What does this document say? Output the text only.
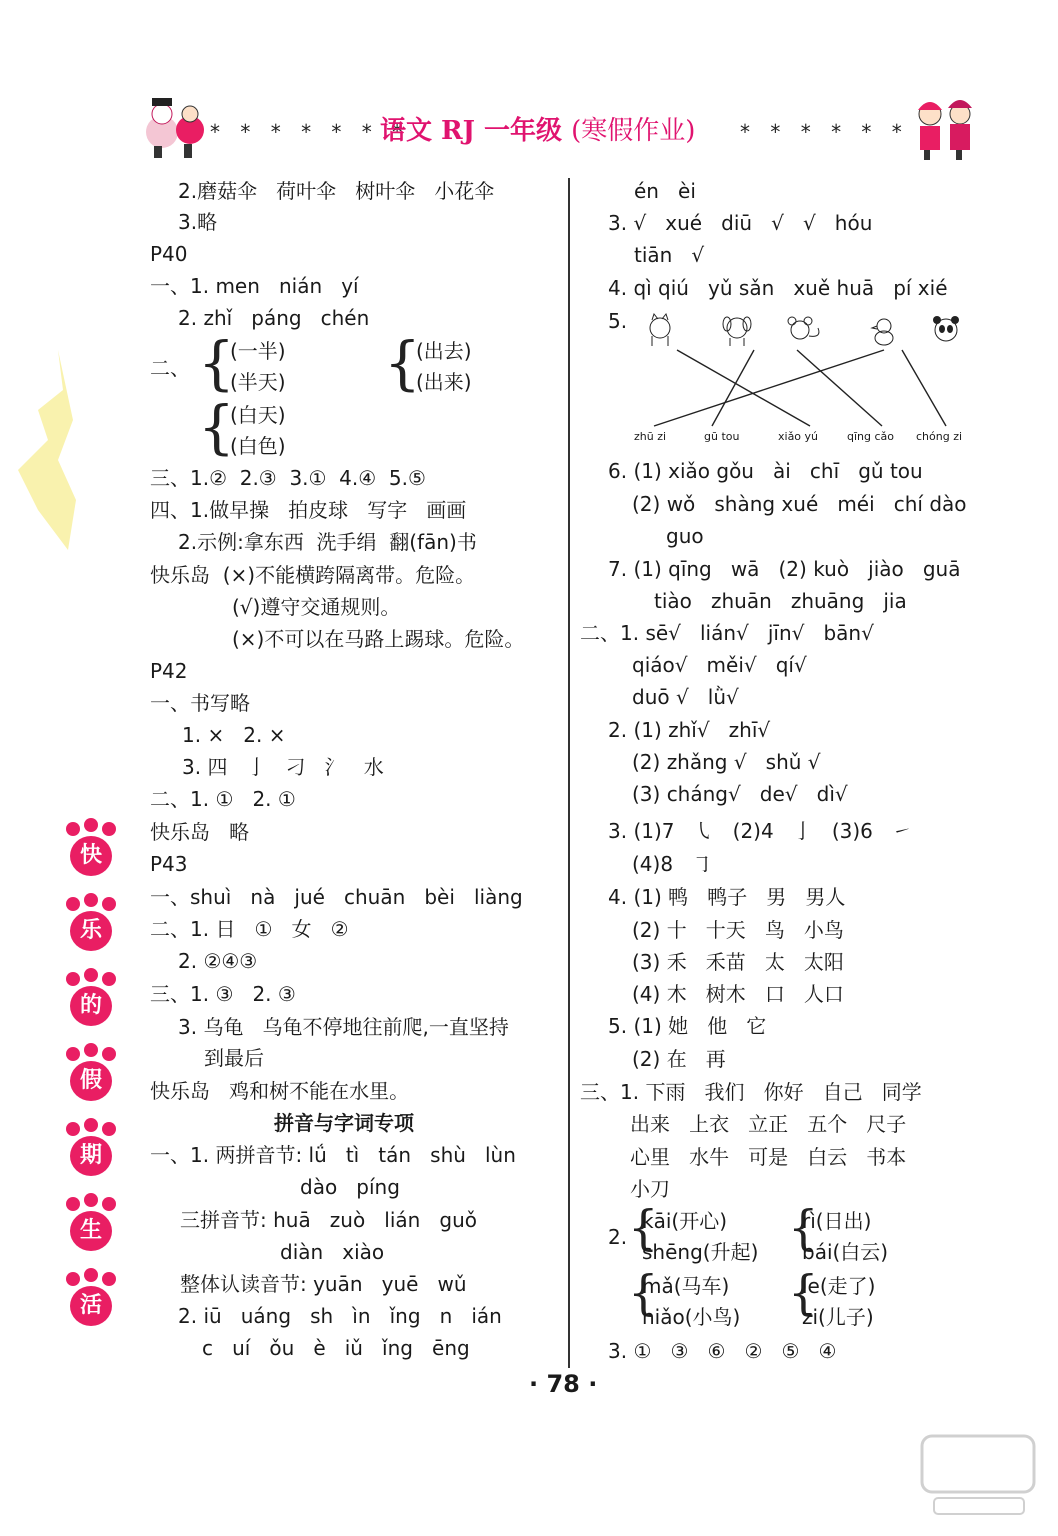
* * * * * * *
语文 RJ 一年级 (寒假作业) * * * * * *
2.磨菇伞   荷叶伞   树叶伞   小花伞
3.略
P40
一、1. men   nián   yí
2. zhǐ   páng   chén
二、 {
(一半)
(半天) {
(出去)
(出来)
{
(白天)
(白色)
三、1.②  2.③  3.①  4.④  5.⑤
四、1.做早操   拍皮球   写字   画画
2.示例:拿东西  洗手绢  翻(fān)书
快乐岛  (×)不能横跨隔离带。危险。
(√)遵守交通规则。
(×)不可以在马路上踢球。危险。
P42
一、书写略
1. ×   2. ×
3. 四   亅   刁   氵   水
二、1. ①   2. ①
快乐岛   略
P43
一、shuì   nà   jué   chuān   bèi   liàng
二、1. 日   ①   女   ②
2. ②④③
三、1. ③   2. ③
3. 乌龟   乌龟不停地往前爬,一直坚持
到最后
快乐岛   鸡和树不能在水里。
拼音与字词专项
一、1. 两拼音节: lǘ   tì   tán   shù   lùn
dào   píng
三拼音节: huā   zuò   lián   guǒ
diàn   xiào
整体认读音节: yuān   yuē   wǔ
2. iū   uáng   sh   ìn   ǐng   n   ián
c   uí   ǒu   è   iǔ   ǐng   ēng
én   èi
3. √   xué   diū   √   √   hóu
tiān   √
4. qì qiú   yǔ sǎn   xuě huā   pí xié
5.
zhū zi	gū tou	xiǎo yú	qīng cǎo chóng zi
6. (1) xiǎo gǒu   ài   chī   gǔ tou
(2) wǒ   shàng xué   méi   chí dào
guo
7. (1) qīng   wā   (2) kuò   jiào   guā
tiào   zhuān   zhuāng   jia
二、1. sē√   lián√   jīn√   bān√
qiáo√   měi√   qí√
duō √   lǜ√
2. (1) zhǐ√   zhī√
(2) zhǎng √   shǔ √
(3) cháng√   de√   dì√
3. (1)7   ㇂   (2)4   亅   (3)6   ㇀
(4)8   ㇆
4. (1) 鸭   鸭子   男   男人
(2) 十   十天   鸟   小鸟
(3) 禾   禾苗   太   太阳
(4) 木   树木   口   人口
5. (1) 她   他   它
(2) 在   再
三、1. 下雨   我们   你好   自己   同学
出来   上衣   立正   五个   尺子
心里   水牛   可是   白云   书本
小刀
2. {
kāi(开心)
shēng(升起) {
rì(日出)
bái(白云)
{
mǎ(马车)
niǎo(小鸟) {
le(走了)
zi(儿子)
3. ①   ③   ⑥   ②   ⑤   ④
快
乐
的
假
期
生
活
· 78 ·
